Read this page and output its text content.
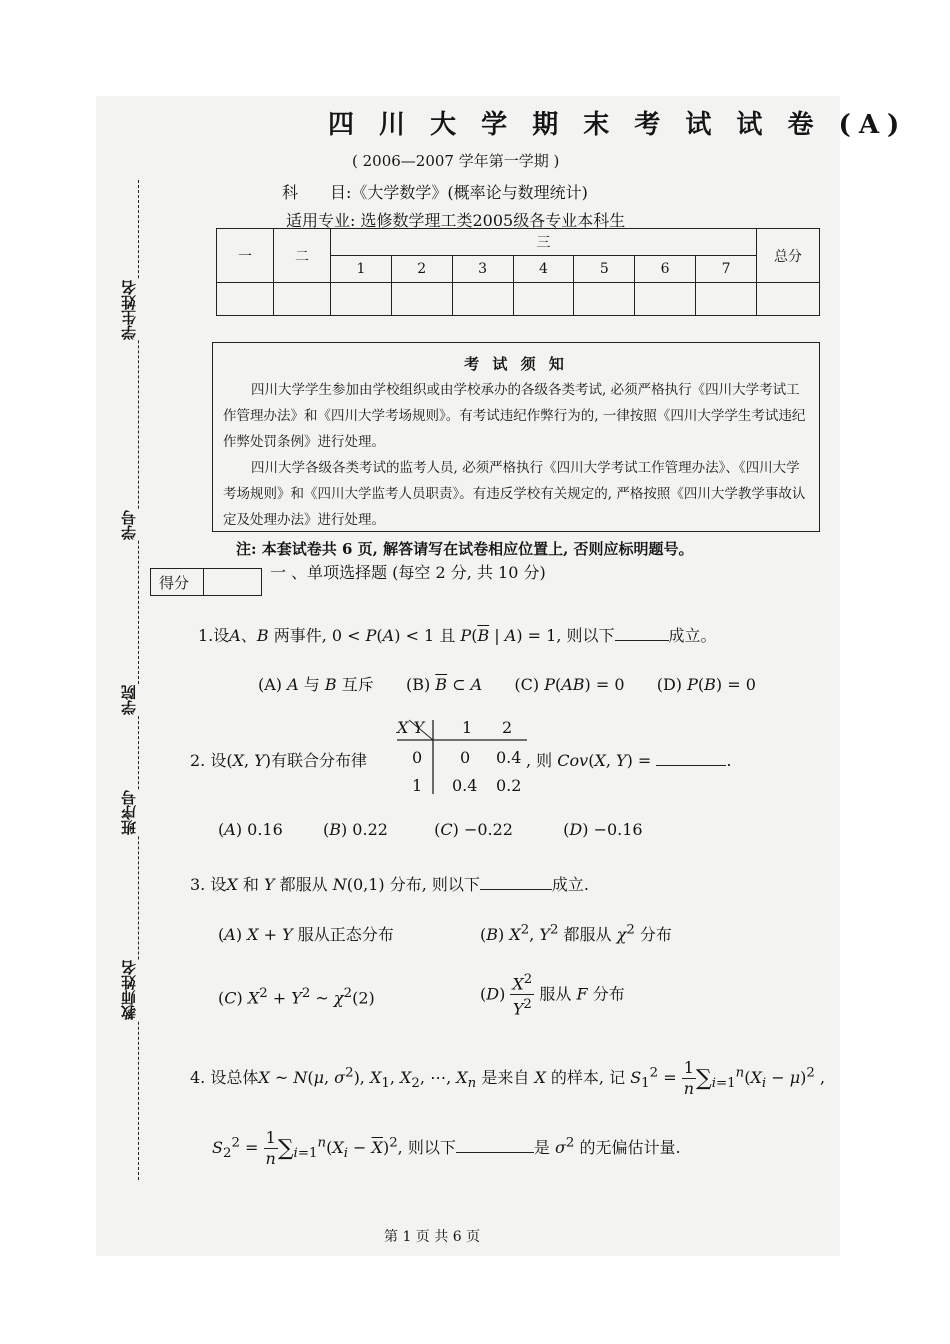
学生姓名
学号
学院
班序号
教师姓名
四 川 大 学 期 末 考 试 试 卷 (A)
( 2006—2007 学年第一学期 )
科　　目:《大学数学》(概率论与数理统计)
适用专业: 选修数学理工类2005级各专业本科生
一	二	三							总分
		1	2	3	4	5	6	7	

考 试 须 知

四川大学学生参加由学校组织或由学校承办的各级各类考试, 必须严格执行《四川大学考试工作管理办法》和《四川大学考场规则》。有考试违纪作弊行为的, 一律按照《四川大学学生考试违纪作弊处罚条例》进行处理。

四川大学各级各类考试的监考人员, 必须严格执行《四川大学考试工作管理办法》、《四川大学考场规则》和《四川大学监考人员职责》。有违反学校有关规定的, 严格按照《四川大学教学事故认定及处理办法》进行处理。

注: 本套试卷共 6 页, 解答请写在试卷相应位置上, 否则应标明题号。
得分
一 、单项选择题 (每空 2 分, 共 10 分)
1.设A、B 两事件, 0 < P(A) < 1 且 $P(\overline{B}$ | A) = 1, 则以下	成立。
(A) A 与 B 互斥 (B) $\overline{B}$ ⊂ A (C) P(AB) = 0 (D) P(B) = 0
X Y 1 2
0 0 0.4
1 0.4 0.2
2. 设(X, Y)有联合分布律	, 则 Cov(X, Y) =	.
(A) 0.16	(B) 0.22	(C) −0.22	(D) −0.16
3. 设X 和 Y 都服从 N(0,1) 分布, 则以下	成立.
(A) X + Y 服从正态分布	(B) $X^2$, $Y^2$ 都服从 $\chi^2$ 分布
(C) $X^2 + Y^2$ ~ $\chi^2(2)$	$(D) \frac{X^2}{Y^2}$ 服从 F 分布
4. 设总体X ~ N(μ, $\sigma^2$), $X_1$, $X_2$, ⋯, $X_n$ 是来自 X 的样本, 记 $S_1^2 = \frac{1}{n} \sum_{i=1}^n(X_i - \mu)^2$ ,
$S_2^2 = \frac{1}{n} \sum_{i=1}^n(X_i - \overline{X})^2$, 则以下	是 $\sigma^2$ 的无偏估计量.
第 1 页 共 6 页
